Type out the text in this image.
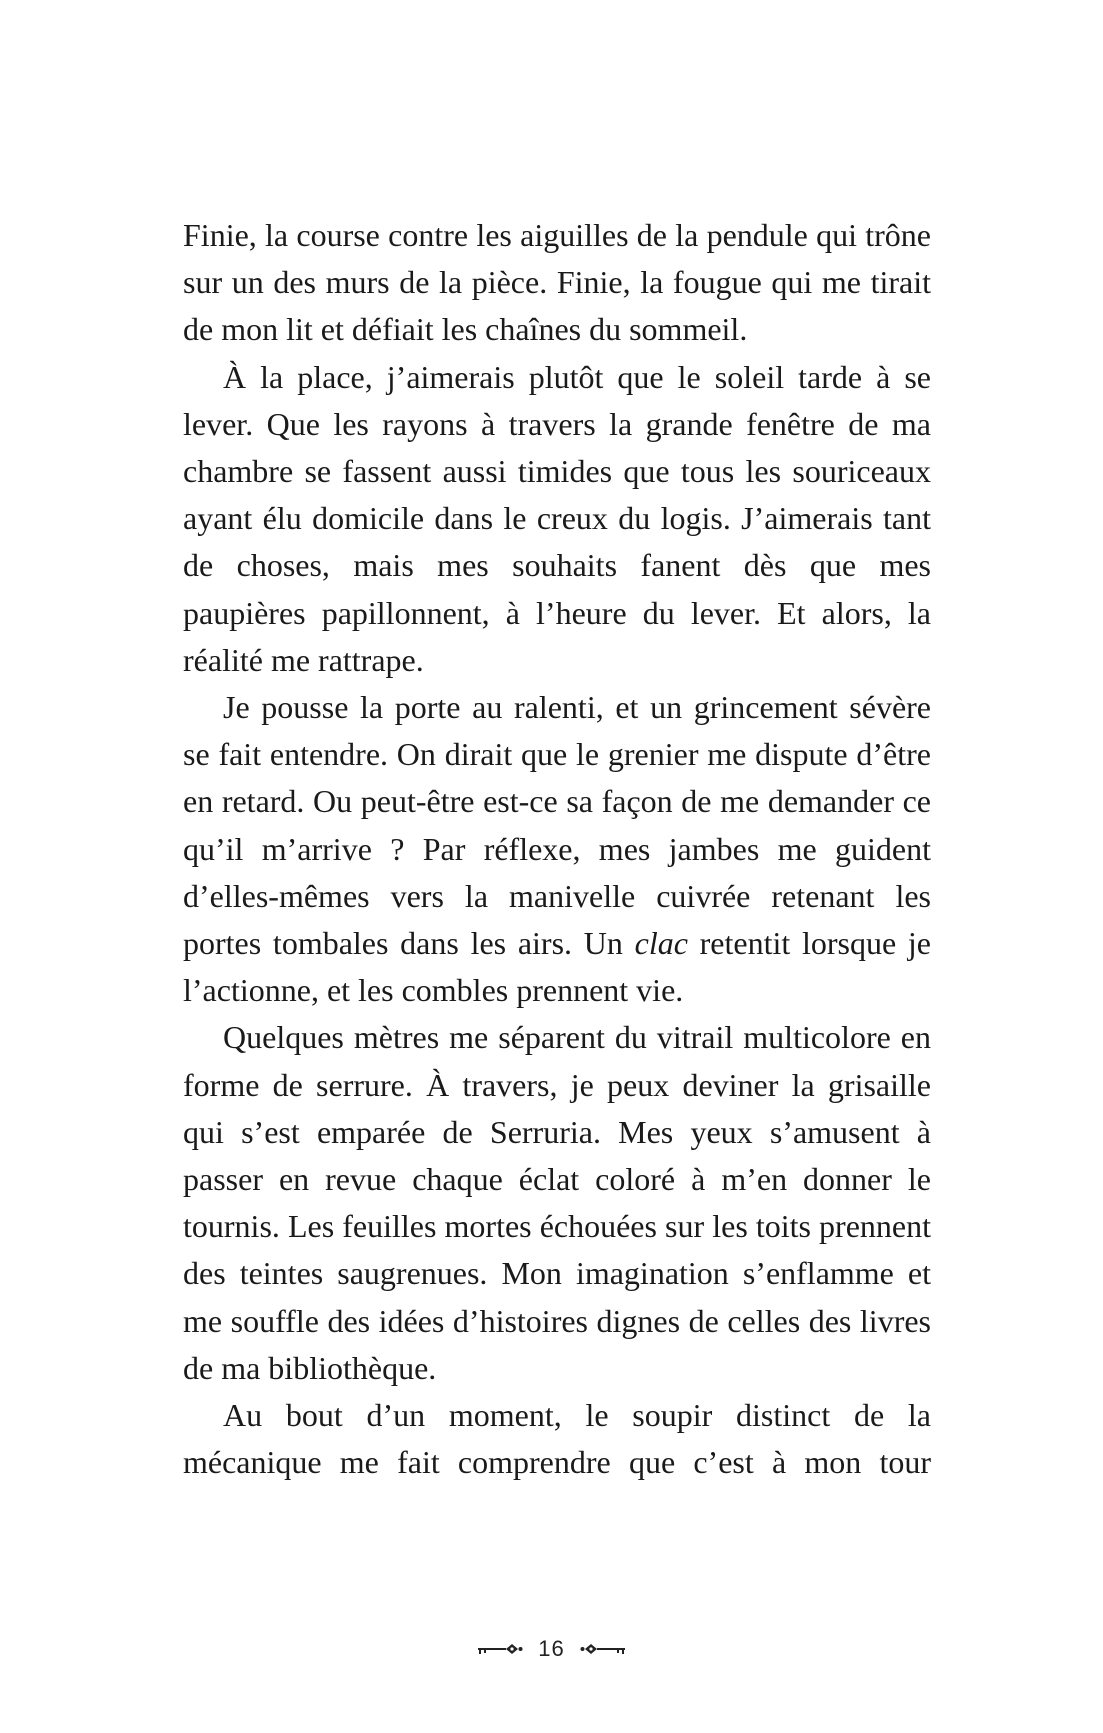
Finie, la course contre les aiguilles de la pendule qui trône sur un des murs de la pièce. Finie, la fougue qui me tirait de mon lit et défiait les chaînes du sommeil.

À la place, j’aimerais plutôt que le soleil tarde à se lever. Que les rayons à travers la grande fenêtre de ma chambre se fassent aussi timides que tous les souriceaux ayant élu domicile dans le creux du logis. J’aimerais tant de choses, mais mes souhaits fanent dès que mes paupières papillonnent, à l’heure du lever. Et alors, la réalité me rattrape.

Je pousse la porte au ralenti, et un grincement sévère se fait entendre. On dirait que le grenier me dispute d’être en retard. Ou peut-être est-ce sa façon de me demander ce qu’il m’arrive ? Par réflexe, mes jambes me guident d’elles-mêmes vers la manivelle cuivrée retenant les portes tombales dans les airs. Un clac retentit lorsque je l’actionne, et les combles prennent vie.

Quelques mètres me séparent du vitrail multicolore en forme de serrure. À travers, je peux deviner la grisaille qui s’est emparée de Serruria. Mes yeux s’amusent à passer en revue chaque éclat coloré à m’en donner le tournis. Les feuilles mortes échouées sur les toits prennent des teintes saugrenues. Mon imagination s’enflamme et me souffle des idées d’histoires dignes de celles des livres de ma bibliothèque.

Au bout d’un moment, le soupir distinct de la mécanique me fait comprendre que c’est à mon tour

16
